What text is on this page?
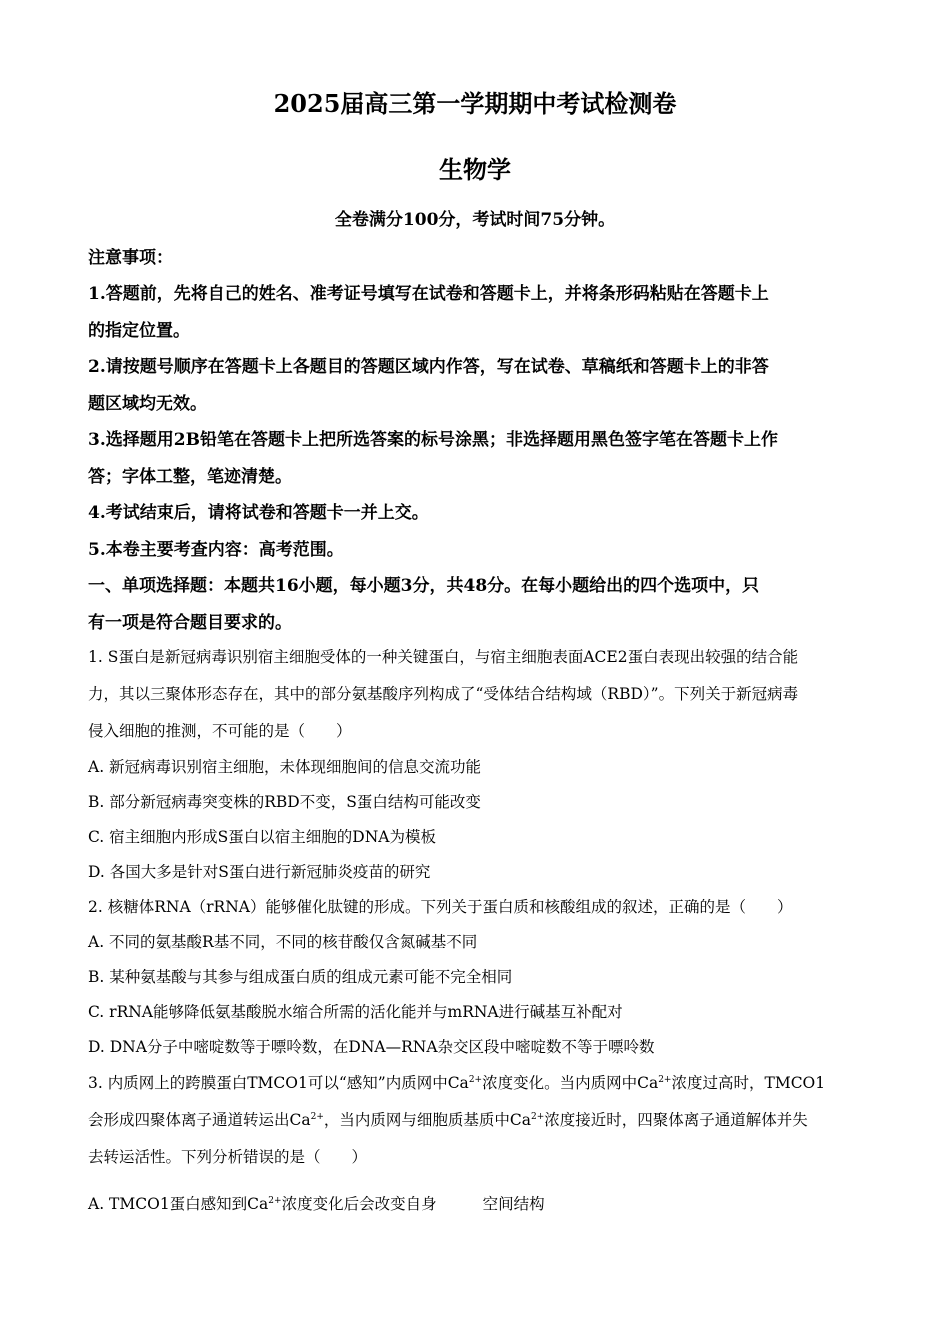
2025届高三第一学期期中考试检测卷
生物学
全卷满分100分，考试时间75分钟。
注意事项：
1.答题前，先将自己的姓名、准考证号填写在试卷和答题卡上，并将条形码粘贴在答题卡上
的指定位置。
2.请按题号顺序在答题卡上各题目的答题区域内作答，写在试卷、草稿纸和答题卡上的非答
题区域均无效。
3.选择题用2B铅笔在答题卡上把所选答案的标号涂黑；非选择题用黑色签字笔在答题卡上作
答；字体工整，笔迹清楚。
4.考试结束后，请将试卷和答题卡一并上交。
5.本卷主要考查内容：高考范围。
一、单项选择题：本题共16小题，每小题3分，共48分。在每小题给出的四个选项中，只
有一项是符合题目要求的。
1. S蛋白是新冠病毒识别宿主细胞受体的一种关键蛋白，与宿主细胞表面ACE2蛋白表现出较强的结合能
力，其以三聚体形态存在，其中的部分氨基酸序列构成了“受体结合结构域（RBD）”。下列关于新冠病毒
侵入细胞的推测，不可能的是（　　）
A. 新冠病毒识别宿主细胞，未体现细胞间的信息交流功能
B. 部分新冠病毒突变株的RBD不变，S蛋白结构可能改变
C. 宿主细胞内形成S蛋白以宿主细胞的DNA为模板
D. 各国大多是针对S蛋白进行新冠肺炎疫苗的研究
2. 核糖体RNA（rRNA）能够催化肽键的形成。下列关于蛋白质和核酸组成的叙述，正确的是（　　）
A. 不同的氨基酸R基不同，不同的核苷酸仅含氮碱基不同
B. 某种氨基酸与其参与组成蛋白质的组成元素可能不完全相同
C. rRNA能够降低氨基酸脱水缩合所需的活化能并与mRNA进行碱基互补配对
D. DNA分子中嘧啶数等于嘌呤数，在DNA—RNA杂交区段中嘧啶数不等于嘌呤数
3. 内质网上的跨膜蛋白TMCO1可以“感知”内质网中$Ca^{2+}$浓度变化。当内质网中$Ca^{2+}$浓度过高时，TMCO1
会形成四聚体离子通道转运出$Ca^{2+}$，当内质网与细胞质基质中$Ca^{2+}$浓度接近时，四聚体离子通道解体并失
去转运活性。下列分析错误的是（　　）
A. TMCO1蛋白感知到$Ca^{2+}$浓度变化后会改变自身	空间结构
